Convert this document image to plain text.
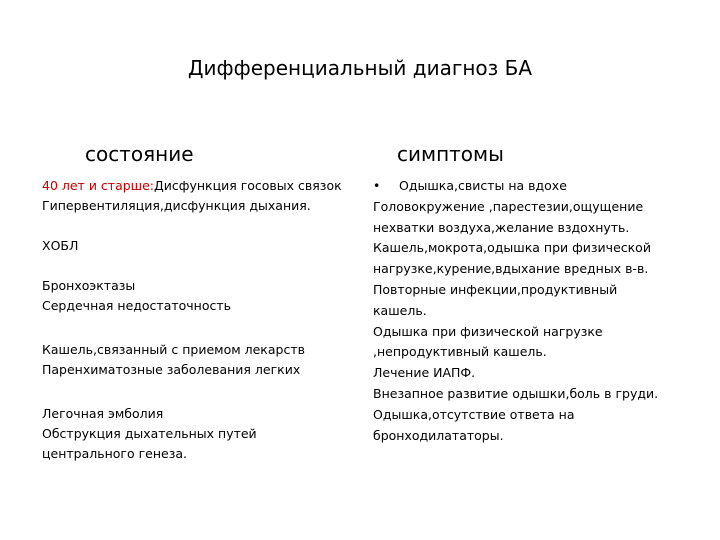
Дифференциальный диагноз БА
состояние	симптомы
40 лет и старше:Дисфункция госовых связок
Гипервентиляция,дисфункция дыхания.
ХОБЛ
Бронхоэктазы
Сердечная недостаточность
Кашель,связанный с приемом лекарств
Паренхиматозные заболевания легких
Легочная эмболия
Обструкция дыхательных путей
центрального генеза.
• Одышка,свисты на вдохе
Головокружение ,парестезии,ощущение нехватки воздуха,желание вздохнуть.
Кашель,мокрота,одышка при физической нагрузке,курение,вдыхание вредных в-в.
Повторные инфекции,продуктивный кашель.
Одышка при физической нагрузке ,непродуктивный кашель.
Лечение ИАПФ.
Внезапное развитие одышки,боль в груди.
Одышка,отсутствие ответа на бронходилататоры.
